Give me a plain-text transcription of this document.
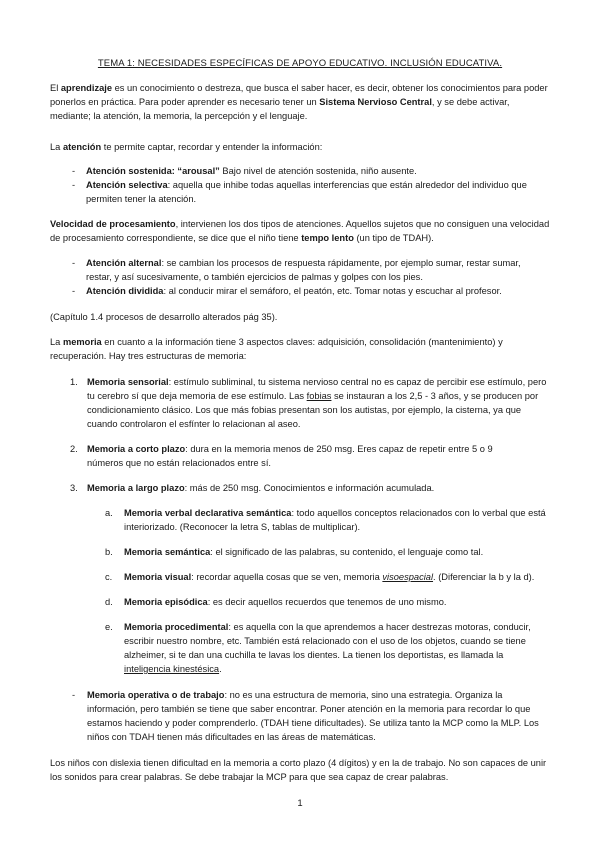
TEMA 1: NECESIDADES ESPECÍFICAS DE APOYO EDUCATIVO. INCLUSIÓN EDUCATIVA.

El aprendizaje es un conocimiento o destreza, que busca el saber hacer, es decir, obtener los conocimientos para poder ponerlos en práctica. Para poder aprender es necesario tener un Sistema Nervioso Central, y se debe activar, mediante; la atención, la memoria, la percepción y el lenguaje.

La atención te permite captar, recordar y entender la información:

- Atención sostenida: “arousal” Bajo nivel de atención sostenida, niño ausente.

- Atención selectiva: aquella que inhibe todas aquellas interferencias que están alrededor del individuo que permiten tener la atención.

Velocidad de procesamiento, intervienen los dos tipos de atenciones. Aquellos sujetos que no consiguen una velocidad de procesamiento correspondiente, se dice que el niño tiene tempo lento (un tipo de TDAH).

- Atención alternal: se cambian los procesos de respuesta rápidamente, por ejemplo sumar, restar sumar, restar, y así sucesivamente, o también ejercicios de palmas y golpes con los pies.

- Atención dividida: al conducir mirar el semáforo, el peatón, etc. Tomar notas y escuchar al profesor.

(Capítulo 1.4 procesos de desarrollo alterados pág 35).

La memoria en cuanto a la información tiene 3 aspectos claves: adquisición, consolidación (mantenimiento) y recuperación. Hay tres estructuras de memoria:

1. Memoria sensorial: estímulo subliminal, tu sistema nervioso central no es capaz de percibir ese estímulo, pero tu cerebro sí que deja memoria de ese estímulo. Las fobias se instauran a los 2,5 - 3 años, y se producen por condicionamiento clásico. Los que más fobias presentan son los autistas, por ejemplo, la cisterna, ya que cuando controlaron el esfínter lo relacionan al aseo.

2. Memoria a corto plazo: dura en la memoria menos de 250 msg. Eres capaz de repetir entre 5 o 9 números que no están relacionados entre sí.

3. Memoria a largo plazo: más de 250 msg. Conocimientos e información acumulada.

a. Memoria verbal declarativa semántica: todo aquellos conceptos relacionados con lo verbal que está interiorizado. (Reconocer la letra S, tablas de multiplicar).

b. Memoria semántica: el significado de las palabras, su contenido, el lenguaje como tal.

c. Memoria visual: recordar aquella cosas que se ven, memoria visoespacial. (Diferenciar la b y la d).

d. Memoria episódica: es decir aquellos recuerdos que tenemos de uno mismo.

e. Memoria procedimental: es aquella con la que aprendemos a hacer destrezas motoras, conducir, escribir nuestro nombre, etc. También está relacionado con el uso de los objetos, cuando se tiene alzheimer, si te dan una cuchilla te lavas los dientes. La tienen los deportistas, es llamada la inteligencia kinestésica.

- Memoria operativa o de trabajo: no es una estructura de memoria, sino una estrategia. Organiza la información, pero también se tiene que saber encontrar. Poner atención en la memoria para recordar lo que estamos haciendo y poder comprenderlo. (TDAH tiene dificultades). Se utiliza tanto la MCP como la MLP. Los niños con TDAH tienen más dificultades en las áreas de matemáticas.

Los niños con dislexia tienen dificultad en la memoria a corto plazo (4 dígitos) y en la de trabajo. No son capaces de unir los sonidos para crear palabras. Se debe trabajar la MCP para que sea capaz de crear palabras.

1
